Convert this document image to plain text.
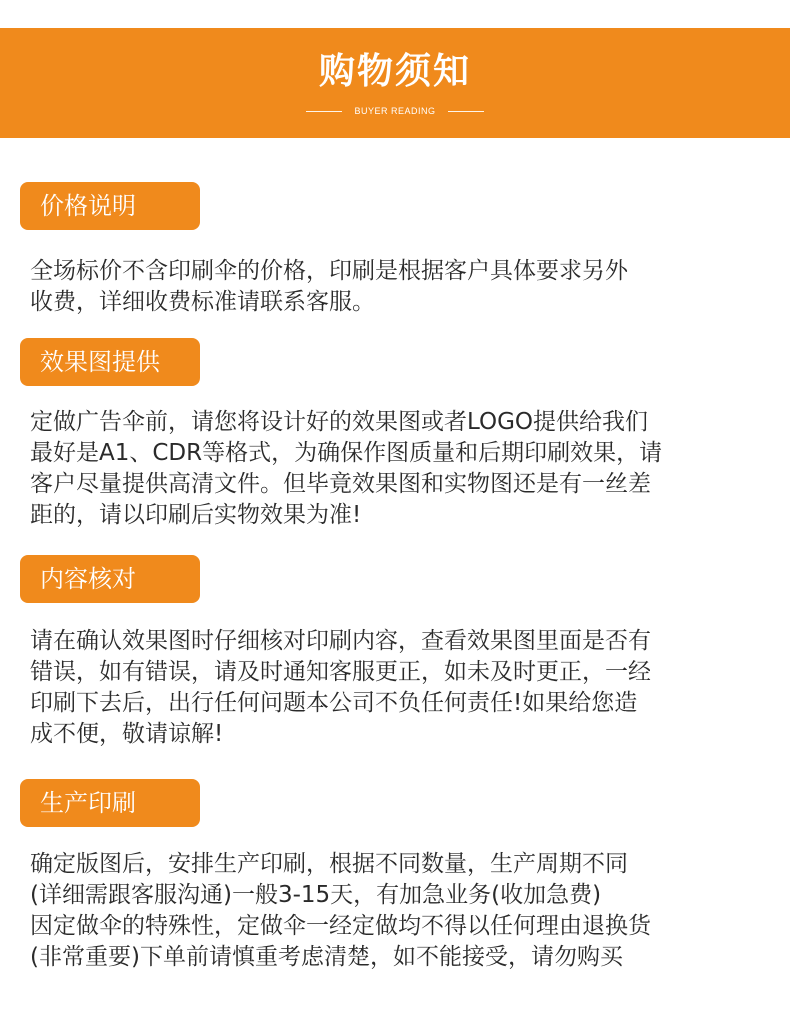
购物须知
BUYER READING
价格说明
全场标价不含印刷伞的价格，印刷是根据客户具体要求另外
收费，详细收费标准请联系客服。
效果图提供
定做广告伞前，请您将设计好的效果图或者LOGO提供给我们
最好是A1、CDR等格式，为确保作图质量和后期印刷效果，请
客户尽量提供高清文件。但毕竟效果图和实物图还是有一丝差
距的，请以印刷后实物效果为准!
内容核对
请在确认效果图时仔细核对印刷内容，查看效果图里面是否有
错误，如有错误，请及时通知客服更正，如未及时更正，一经
印刷下去后，出行任何问题本公司不负任何责任!如果给您造
成不便，敬请谅解!
生产印刷
确定版图后，安排生产印刷，根据不同数量，生产周期不同
(详细需跟客服沟通)一般3-15天，有加急业务(收加急费)
因定做伞的特殊性，定做伞一经定做均不得以任何理由退换货
(非常重要)下单前请慎重考虑清楚，如不能接受，请勿购买
